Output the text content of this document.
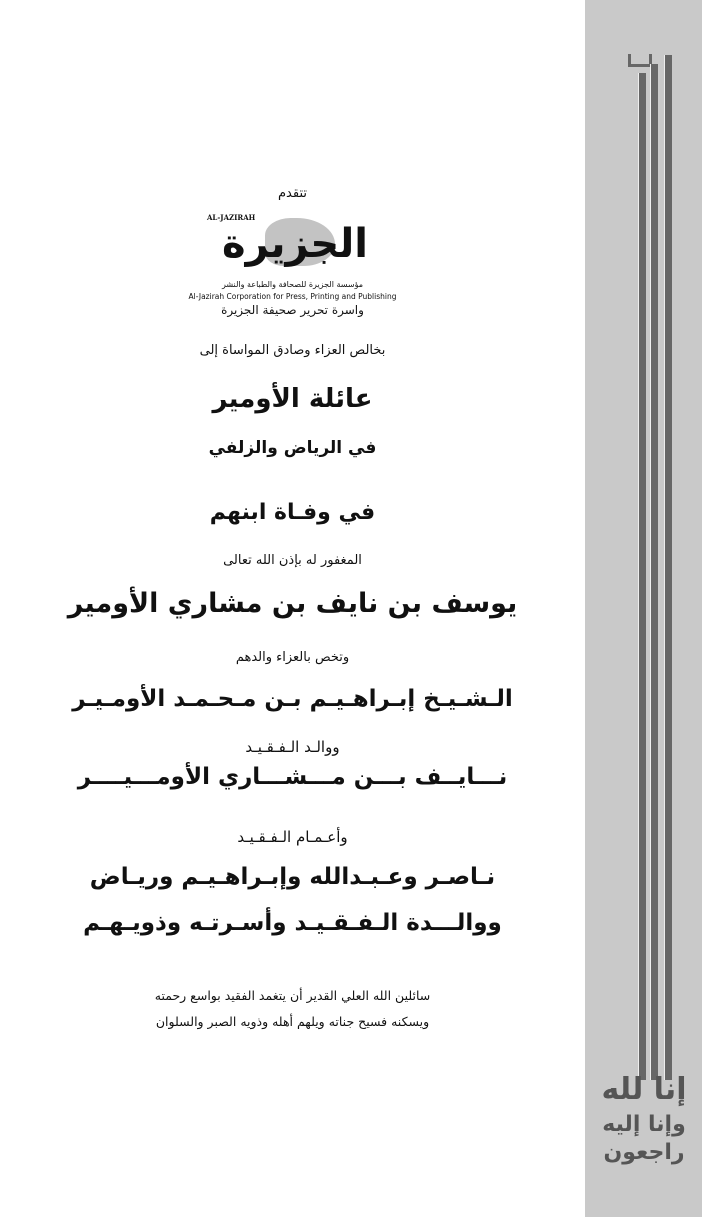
تتقدم
AL-JAZIRAH
الجزيرة
مؤسسة الجزيرة للصحافة والطباعة والنشر
Al-Jazirah Corporation for Press, Printing and Publishing
واسرة تحرير صحيفة الجزيرة
بخالص العزاء وصادق المواساة إلى
عائلة الأومير
في الرياض والزلفي
في وفـاة ابنهم
المغفور له بإذن الله تعالى
يوسف بن نايف بن مشاري الأومير
وتخص بالعزاء والدهم
الـشـيـخ إبـراهـيـم بـن مـحـمـد الأومـيـر
ووالـد الـفـقـيـد
نـــايــف بـــن مـــشـــاري الأومـــيــــر
وأعـمـام الـفـقـيـد
نـاصـر وعـبـدالله وإبـراهـيـم وريـاض
ووالـــدة الـفـقـيـد وأسـرتـه وذويـهـم
سائلين الله العلي القدير أن يتغمد الفقيد بواسع رحمته
ويسكنه فسيح جناته ويلهم أهله وذويه الصبر والسلوان
إنا لله
وإنا إليه
راجعون
